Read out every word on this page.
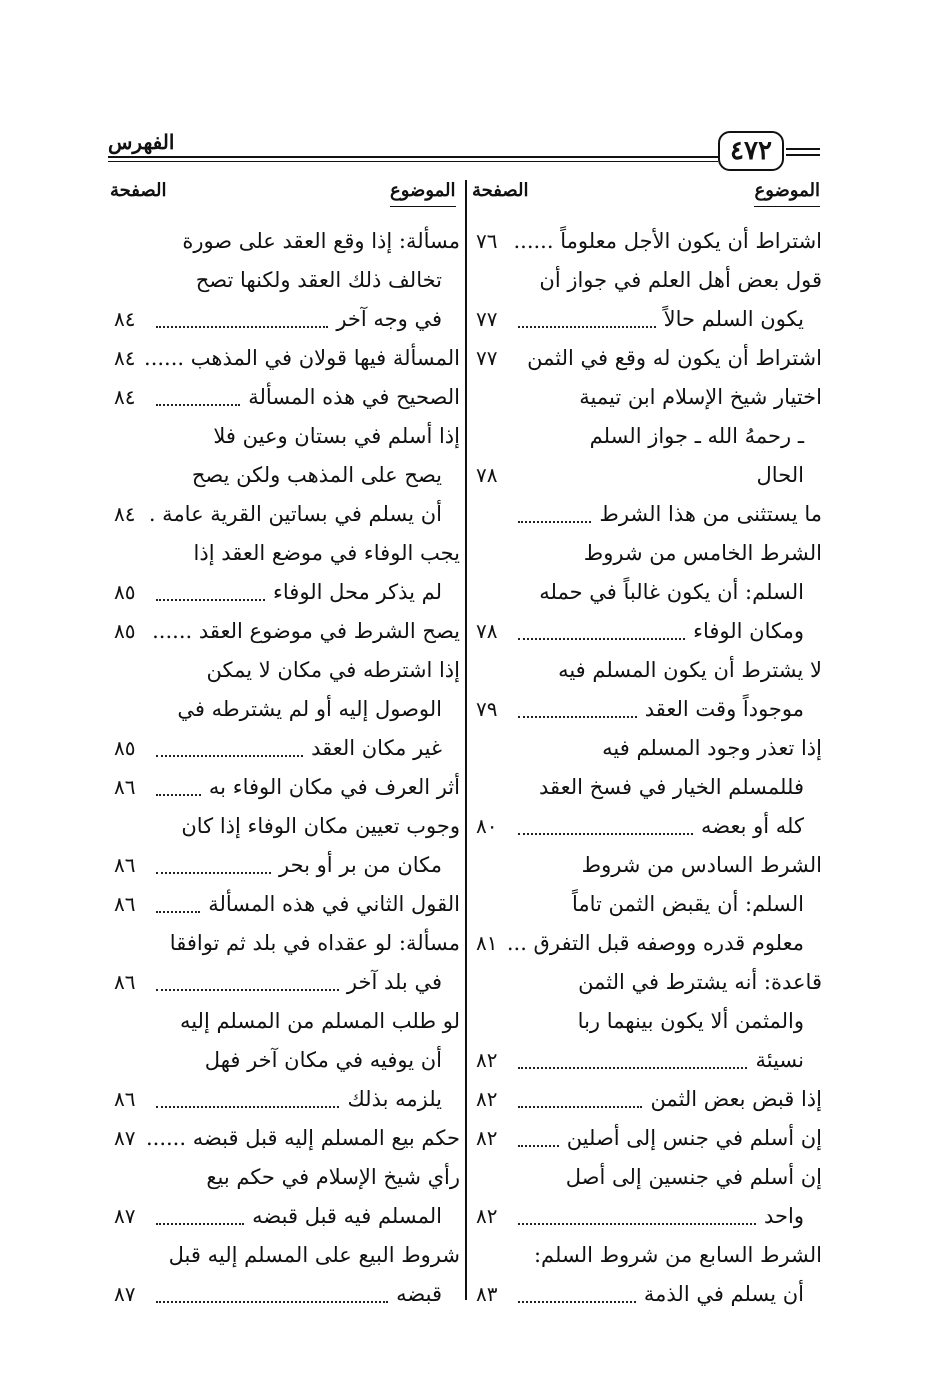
٤٧٢
الفهرس
الموضوع
الصفحة
الموضوع
الصفحة
اشتراط أن يكون الأجل معلوماً ......
٧٦
قول بعض أهل العلم في جواز أن
يكون السلم حالاً
٧٧
اشتراط أن يكون له وقع في الثمن
٧٧
اختيار شيخ الإسلام ابن تيمية
ـ رحمهُ الله ـ جواز السلم
الحال
٧٨
ما يستثنى من هذا الشرط
الشرط الخامس من شروط
السلم: أن يكون غالباً في حمله
ومكان الوفاء
٧٨
لا يشترط أن يكون المسلم فيه
موجوداً وقت العقد
٧٩
إذا تعذر وجود المسلم فيه
فللمسلم الخيار في فسخ العقد
كله أو بعضه
٨٠
الشرط السادس من شروط
السلم: أن يقبض الثمن تاماً
معلوم قدره ووصفه قبل التفرق ...
٨١
قاعدة: أنه يشترط في الثمن
والمثمن ألا يكون بينهما ربا
نسيئة
٨٢
إذا قبض بعض الثمن
٨٢
إن أسلم في جنس إلى أصلين
٨٢
إن أسلم في جنسين إلى أصل
واحد
٨٢
الشرط السابع من شروط السلم:
أن يسلم في الذمة
٨٣
مسألة: إذا وقع العقد على صورة
تخالف ذلك العقد ولكنها تصح
في وجه آخر
٨٤
المسألة فيها قولان في المذهب ......
٨٤
الصحيح في هذه المسألة
٨٤
إذا أسلم في بستان وعين فلا
يصح على المذهب ولكن يصح
أن يسلم في بساتين القرية عامة .
٨٤
يجب الوفاء في موضع العقد إذا
لم يذكر محل الوفاء
٨٥
يصح الشرط في موضوع العقد ......
٨٥
إذا اشترطه في مكان لا يمكن
الوصول إليه أو لم يشترطه في
غير مكان العقد
٨٥
أثر العرف في مكان الوفاء به
٨٦
وجوب تعيين مكان الوفاء إذا كان
مكان من بر أو بحر
٨٦
القول الثاني في هذه المسألة
٨٦
مسألة: لو عقداه في بلد ثم توافقا
في بلد آخر
٨٦
لو طلب المسلم من المسلم إليه
أن يوفيه في مكان آخر فهل
يلزمه بذلك
٨٦
حكم بيع المسلم إليه قبل قبضه ......
٨٧
رأي شيخ الإسلام في حكم بيع
المسلم فيه قبل قبضه
٨٧
شروط البيع على المسلم إليه قبل
قبضه
٨٧
